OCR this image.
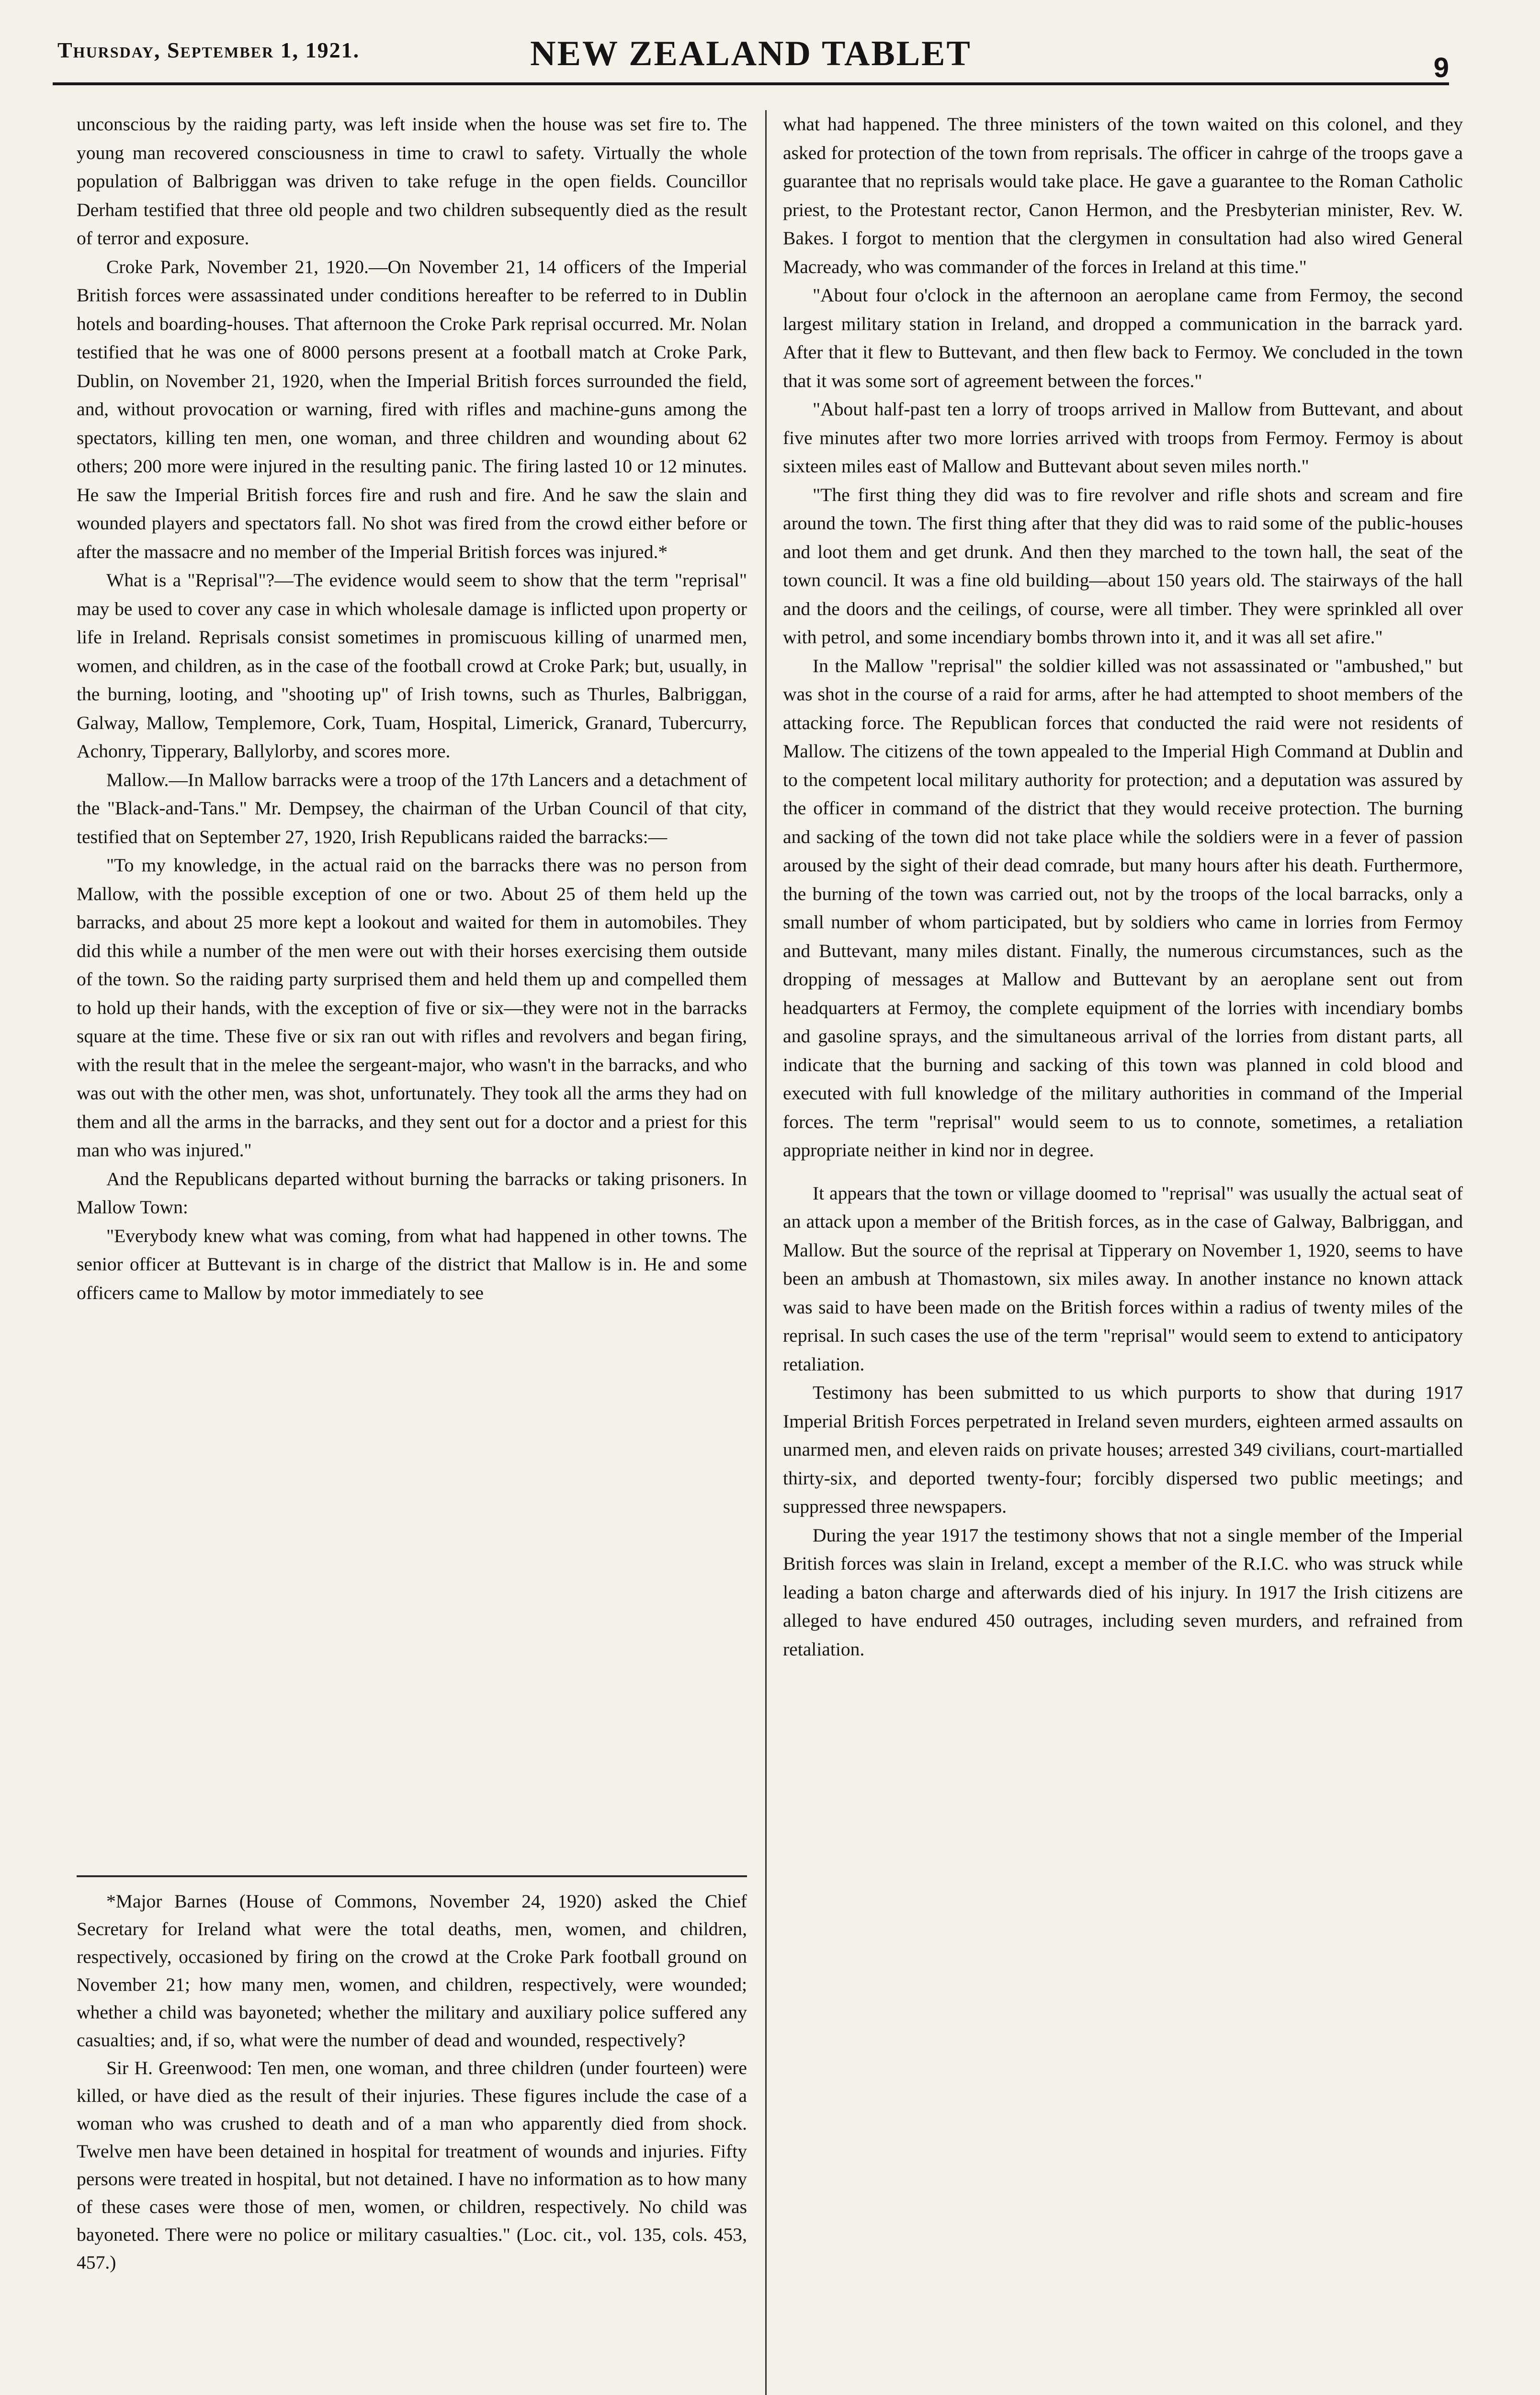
Thursday, September 1, 1921.	NEW ZEALAND TABLET	9

unconscious by the raiding party, was left inside when the house was set fire to. The young man recovered consciousness in time to crawl to safety. Virtually the whole population of Balbriggan was driven to take refuge in the open fields. Councillor Derham testified that three old people and two children subsequently died as the result of terror and exposure.

Croke Park, November 21, 1920.—On November 21, 14 officers of the Imperial British forces were assassinated under conditions hereafter to be referred to in Dublin hotels and boarding-houses. That afternoon the Croke Park reprisal occurred. Mr. Nolan testified that he was one of 8000 persons present at a football match at Croke Park, Dublin, on November 21, 1920, when the Imperial British forces surrounded the field, and, without provocation or warning, fired with rifles and machine-guns among the spectators, killing ten men, one woman, and three children and wounding about 62 others; 200 more were injured in the resulting panic. The firing lasted 10 or 12 minutes. He saw the Imperial British forces fire and rush and fire. And he saw the slain and wounded players and spectators fall. No shot was fired from the crowd either before or after the massacre and no member of the Imperial British forces was injured.*

What is a "Reprisal"?—The evidence would seem to show that the term "reprisal" may be used to cover any case in which wholesale damage is inflicted upon property or life in Ireland. Reprisals consist sometimes in promiscuous killing of unarmed men, women, and children, as in the case of the football crowd at Croke Park; but, usually, in the burning, looting, and "shooting up" of Irish towns, such as Thurles, Balbriggan, Galway, Mallow, Templemore, Cork, Tuam, Hospital, Limerick, Granard, Tubercurry, Achonry, Tipperary, Ballylorby, and scores more.

Mallow.—In Mallow barracks were a troop of the 17th Lancers and a detachment of the "Black-and-Tans." Mr. Dempsey, the chairman of the Urban Council of that city, testified that on September 27, 1920, Irish Republicans raided the barracks:—

"To my knowledge, in the actual raid on the barracks there was no person from Mallow, with the possible exception of one or two. About 25 of them held up the barracks, and about 25 more kept a lookout and waited for them in automobiles. They did this while a number of the men were out with their horses exercising them outside of the town. So the raiding party surprised them and held them up and compelled them to hold up their hands, with the exception of five or six—they were not in the barracks square at the time. These five or six ran out with rifles and revolvers and began firing, with the result that in the melee the sergeant-major, who wasn't in the barracks, and who was out with the other men, was shot, unfortunately. They took all the arms they had on them and all the arms in the barracks, and they sent out for a doctor and a priest for this man who was injured."

And the Republicans departed without burning the barracks or taking prisoners. In Mallow Town:

"Everybody knew what was coming, from what had happened in other towns. The senior officer at Buttevant is in charge of the district that Mallow is in. He and some officers came to Mallow by motor immediately to see

*Major Barnes (House of Commons, November 24, 1920) asked the Chief Secretary for Ireland what were the total deaths, men, women, and children, respectively, occasioned by firing on the crowd at the Croke Park football ground on November 21; how many men, women, and children, respectively, were wounded; whether a child was bayoneted; whether the military and auxiliary police suffered any casualties; and, if so, what were the number of dead and wounded, respectively?

Sir H. Greenwood: Ten men, one woman, and three children (under fourteen) were killed, or have died as the result of their injuries. These figures include the case of a woman who was crushed to death and of a man who apparently died from shock. Twelve men have been detained in hospital for treatment of wounds and injuries. Fifty persons were treated in hospital, but not detained. I have no information as to how many of these cases were those of men, women, or children, respectively. No child was bayoneted. There were no police or military casualties." (Loc. cit., vol. 135, cols. 453, 457.)

what had happened. The three ministers of the town waited on this colonel, and they asked for protection of the town from reprisals. The officer in cahrge of the troops gave a guarantee that no reprisals would take place. He gave a guarantee to the Roman Catholic priest, to the Protestant rector, Canon Hermon, and the Presbyterian minister, Rev. W. Bakes. I forgot to mention that the clergymen in consultation had also wired General Macready, who was commander of the forces in Ireland at this time."

"About four o'clock in the afternoon an aeroplane came from Fermoy, the second largest military station in Ireland, and dropped a communication in the barrack yard. After that it flew to Buttevant, and then flew back to Fermoy. We concluded in the town that it was some sort of agreement between the forces."

"About half-past ten a lorry of troops arrived in Mallow from Buttevant, and about five minutes after two more lorries arrived with troops from Fermoy. Fermoy is about sixteen miles east of Mallow and Buttevant about seven miles north."

"The first thing they did was to fire revolver and rifle shots and scream and fire around the town. The first thing after that they did was to raid some of the public-houses and loot them and get drunk. And then they marched to the town hall, the seat of the town council. It was a fine old building—about 150 years old. The stairways of the hall and the doors and the ceilings, of course, were all timber. They were sprinkled all over with petrol, and some incendiary bombs thrown into it, and it was all set afire."

In the Mallow "reprisal" the soldier killed was not assassinated or "ambushed," but was shot in the course of a raid for arms, after he had attempted to shoot members of the attacking force. The Republican forces that conducted the raid were not residents of Mallow. The citizens of the town appealed to the Imperial High Command at Dublin and to the competent local military authority for protection; and a deputation was assured by the officer in command of the district that they would receive protection. The burning and sacking of the town did not take place while the soldiers were in a fever of passion aroused by the sight of their dead comrade, but many hours after his death. Furthermore, the burning of the town was carried out, not by the troops of the local barracks, only a small number of whom participated, but by soldiers who came in lorries from Fermoy and Buttevant, many miles distant. Finally, the numerous circumstances, such as the dropping of messages at Mallow and Buttevant by an aeroplane sent out from headquarters at Fermoy, the complete equipment of the lorries with incendiary bombs and gasoline sprays, and the simultaneous arrival of the lorries from distant parts, all indicate that the burning and sacking of this town was planned in cold blood and executed with full knowledge of the military authorities in command of the Imperial forces. The term "reprisal" would seem to us to connote, sometimes, a retaliation appropriate neither in kind nor in degree.

It appears that the town or village doomed to "reprisal" was usually the actual seat of an attack upon a member of the British forces, as in the case of Galway, Balbriggan, and Mallow. But the source of the reprisal at Tipperary on November 1, 1920, seems to have been an ambush at Thomastown, six miles away. In another instance no known attack was said to have been made on the British forces within a radius of twenty miles of the reprisal. In such cases the use of the term "reprisal" would seem to extend to anticipatory retaliation.

Testimony has been submitted to us which purports to show that during 1917 Imperial British Forces perpetrated in Ireland seven murders, eighteen armed assaults on unarmed men, and eleven raids on private houses; arrested 349 civilians, court-martialled thirty-six, and deported twenty-four; forcibly dispersed two public meetings; and suppressed three newspapers.

During the year 1917 the testimony shows that not a single member of the Imperial British forces was slain in Ireland, except a member of the R.I.C. who was struck while leading a baton charge and afterwards died of his injury. In 1917 the Irish citizens are alleged to have endured 450 outrages, including seven murders, and refrained from retaliation.
